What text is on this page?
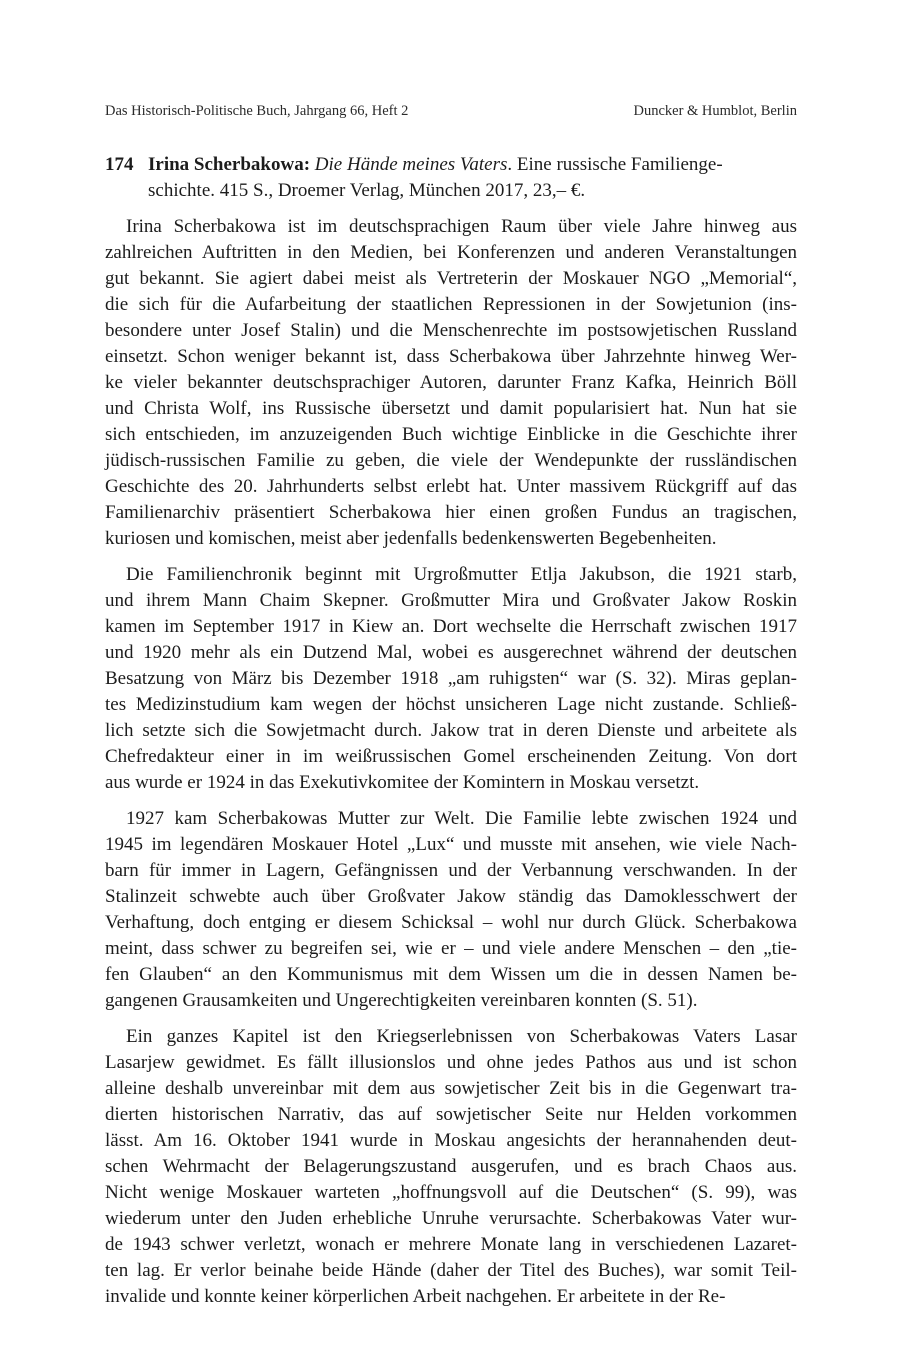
Das Historisch-Politische Buch, Jahrgang 66, Heft 2	Duncker & Humblot, Berlin

174 Irina Scherbakowa: Die Hände meines Vaters. Eine russische Familienge-
schichte. 415 S., Droemer Verlag, München 2017, 23,– €.

Irina Scherbakowa ist im deutschsprachigen Raum über viele Jahre hinweg aus
zahlreichen Auftritten in den Medien, bei Konferenzen und anderen Veranstaltungen
gut bekannt. Sie agiert dabei meist als Vertreterin der Moskauer NGO „Memorial“,
die sich für die Aufarbeitung der staatlichen Repressionen in der Sowjetunion (ins-
besondere unter Josef Stalin) und die Menschenrechte im postsowjetischen Russland
einsetzt. Schon weniger bekannt ist, dass Scherbakowa über Jahrzehnte hinweg Wer-
ke vieler bekannter deutschsprachiger Autoren, darunter Franz Kafka, Heinrich Böll
und Christa Wolf, ins Russische übersetzt und damit popularisiert hat. Nun hat sie
sich entschieden, im anzuzeigenden Buch wichtige Einblicke in die Geschichte ihrer
jüdisch-russischen Familie zu geben, die viele der Wendepunkte der russländischen
Geschichte des 20. Jahrhunderts selbst erlebt hat. Unter massivem Rückgriff auf das
Familienarchiv präsentiert Scherbakowa hier einen großen Fundus an tragischen,
kuriosen und komischen, meist aber jedenfalls bedenkenswerten Begebenheiten.

Die Familienchronik beginnt mit Urgroßmutter Etlja Jakubson, die 1921 starb,
und ihrem Mann Chaim Skepner. Großmutter Mira und Großvater Jakow Roskin
kamen im September 1917 in Kiew an. Dort wechselte die Herrschaft zwischen 1917
und 1920 mehr als ein Dutzend Mal, wobei es ausgerechnet während der deutschen
Besatzung von März bis Dezember 1918 „am ruhigsten“ war (S. 32). Miras geplan-
tes Medizinstudium kam wegen der höchst unsicheren Lage nicht zustande. Schließ-
lich setzte sich die Sowjetmacht durch. Jakow trat in deren Dienste und arbeitete als
Chefredakteur einer in im weißrussischen Gomel erscheinenden Zeitung. Von dort
aus wurde er 1924 in das Exekutivkomitee der Komintern in Moskau versetzt.

1927 kam Scherbakowas Mutter zur Welt. Die Familie lebte zwischen 1924 und
1945 im legendären Moskauer Hotel „Lux“ und musste mit ansehen, wie viele Nach-
barn für immer in Lagern, Gefängnissen und der Verbannung verschwanden. In der
Stalinzeit schwebte auch über Großvater Jakow ständig das Damoklesschwert der
Verhaftung, doch entging er diesem Schicksal – wohl nur durch Glück. Scherbakowa
meint, dass schwer zu begreifen sei, wie er – und viele andere Menschen – den „tie-
fen Glauben“ an den Kommunismus mit dem Wissen um die in dessen Namen be-
gangenen Grausamkeiten und Ungerechtigkeiten vereinbaren konnten (S. 51).

Ein ganzes Kapitel ist den Kriegserlebnissen von Scherbakowas Vaters Lasar
Lasarjew gewidmet. Es fällt illusionslos und ohne jedes Pathos aus und ist schon
alleine deshalb unvereinbar mit dem aus sowjetischer Zeit bis in die Gegenwart tra-
dierten historischen Narrativ, das auf sowjetischer Seite nur Helden vorkommen
lässt. Am 16. Oktober 1941 wurde in Moskau angesichts der herannahenden deut-
schen Wehrmacht der Belagerungszustand ausgerufen, und es brach Chaos aus.
Nicht wenige Moskauer warteten „hoffnungsvoll auf die Deutschen“ (S. 99), was
wiederum unter den Juden erhebliche Unruhe verursachte. Scherbakowas Vater wur-
de 1943 schwer verletzt, wonach er mehrere Monate lang in verschiedenen Lazaret-
ten lag. Er verlor beinahe beide Hände (daher der Titel des Buches), war somit Teil-
invalide und konnte keiner körperlichen Arbeit nachgehen. Er arbeitete in der Re-
